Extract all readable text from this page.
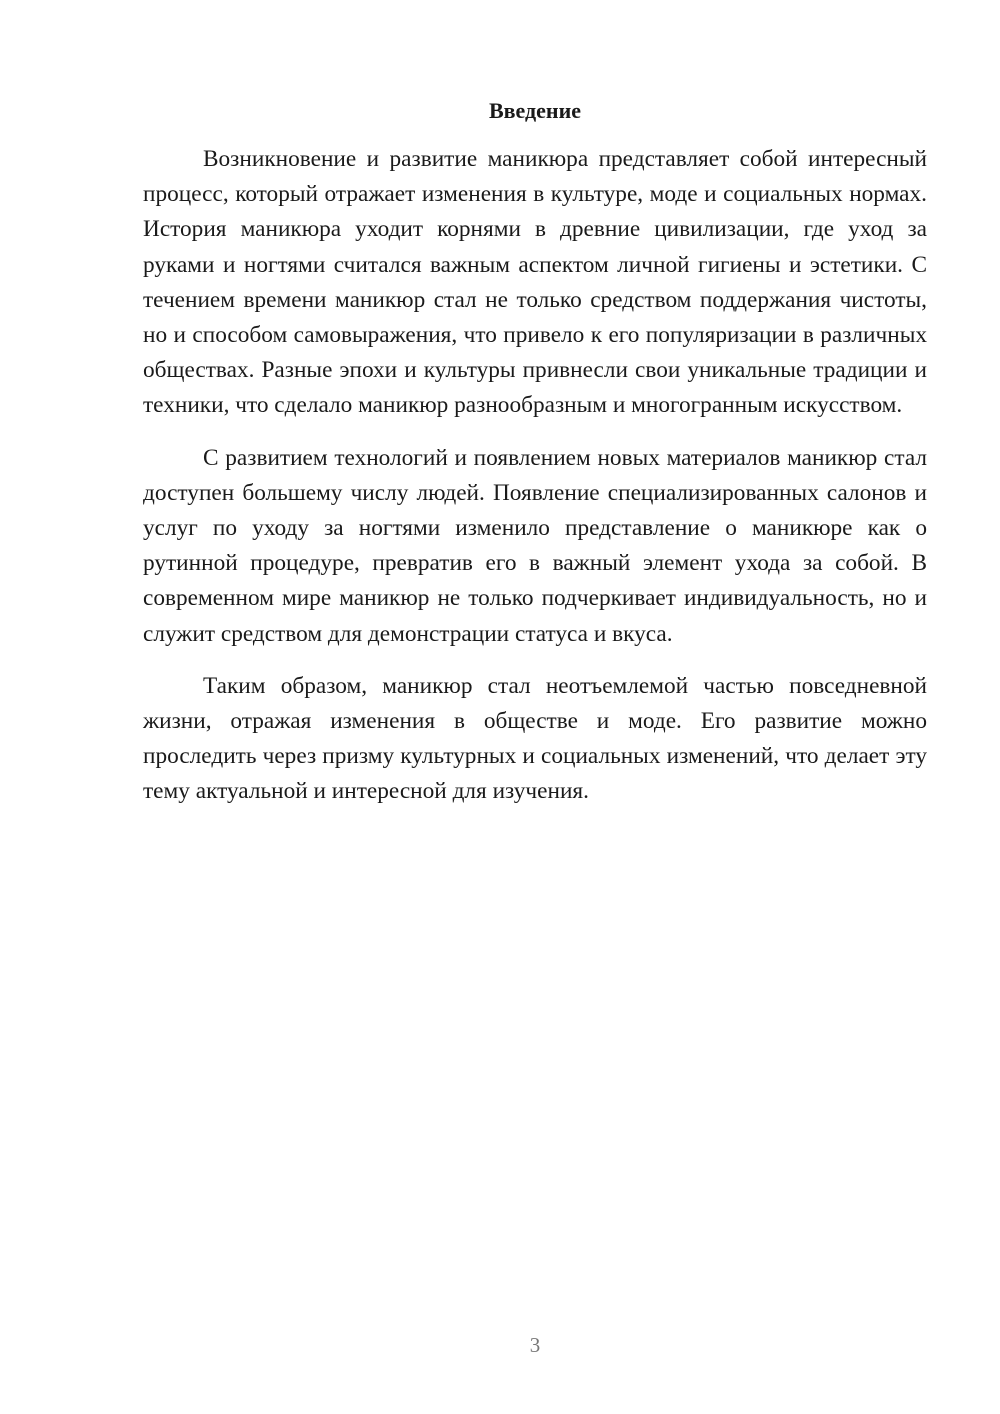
Введение

Возникновение и развитие маникюра представляет собой интересный процесс, который отражает изменения в культуре, моде и социальных нормах. История маникюра уходит корнями в древние цивилизации, где уход за руками и ногтями считался важным аспектом личной гигиены и эстетики. С течением времени маникюр стал не только средством поддержания чистоты, но и способом самовыражения, что привело к его популяризации в различных обществах. Разные эпохи и культуры привнесли свои уникальные традиции и техники, что сделало маникюр разнообразным и многогранным искусством.

С развитием технологий и появлением новых материалов маникюр стал доступен большему числу людей. Появление специализированных салонов и услуг по уходу за ногтями изменило представление о маникюре как о рутинной процедуре, превратив его в важный элемент ухода за собой. В современном мире маникюр не только подчеркивает индивидуальность, но и служит средством для демонстрации статуса и вкуса.

Таким образом, маникюр стал неотъемлемой частью повседневной жизни, отражая изменения в обществе и моде. Его развитие можно проследить через призму культурных и социальных изменений, что делает эту тему актуальной и интересной для изучения.

3
